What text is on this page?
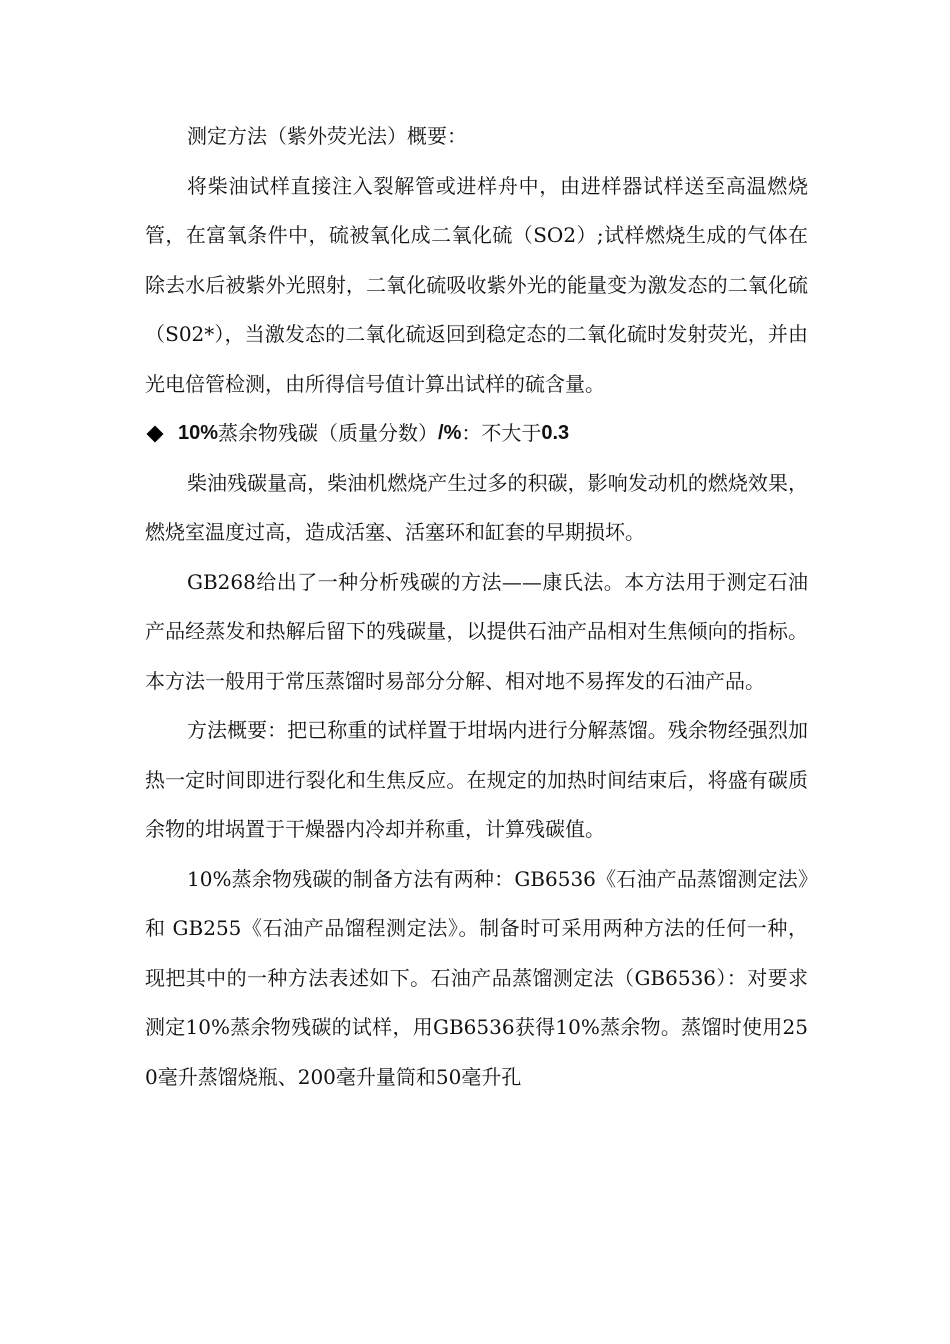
测定方法（紫外荧光法）概要：

将柴油试样直接注入裂解管或进样舟中，由进样器试样送至高温燃烧管，在富氧条件中，硫被氧化成二氧化硫（SO2）;试样燃烧生成的气体在除去水后被紫外光照射，二氧化硫吸收紫外光的能量变为激发态的二氧化硫（S02*），当激发态的二氧化硫返回到稳定态的二氧化硫时发射荧光，并由光电倍管检测，由所得信号值计算出试样的硫含量。

10% 蒸余物残碳（质量分数） /% ：不大于 0.3

柴油残碳量高，柴油机燃烧产生过多的积碳，影响发动机的燃烧效果，燃烧室温度过高，造成活塞、活塞环和缸套的早期损坏。

GB268给出了一种分析残碳的方法——康氏法。本方法用于测定石油产品经蒸发和热解后留下的残碳量，以提供石油产品相对生焦倾向的指标。本方法一般用于常压蒸馏时易部分分解、相对地不易挥发的石油产品。

方法概要：把已称重的试样置于坩埚内进行分解蒸馏。残余物经强烈加热一定时间即进行裂化和生焦反应。在规定的加热时间结束后，将盛有碳质余物的坩埚置于干燥器内冷却并称重，计算残碳值。

10%蒸余物残碳的制备方法有两种：GB6536《石油产品蒸馏测定法》和 GB255《石油产品馏程测定法》。制备时可采用两种方法的任何一种，现把其中的一种方法表述如下。石油产品蒸馏测定法（GB6536）：对要求测定10%蒸余物残碳的试样，用GB6536获得10%蒸余物。蒸馏时使用250毫升蒸馏烧瓶、200毫升量筒和50毫升孔
